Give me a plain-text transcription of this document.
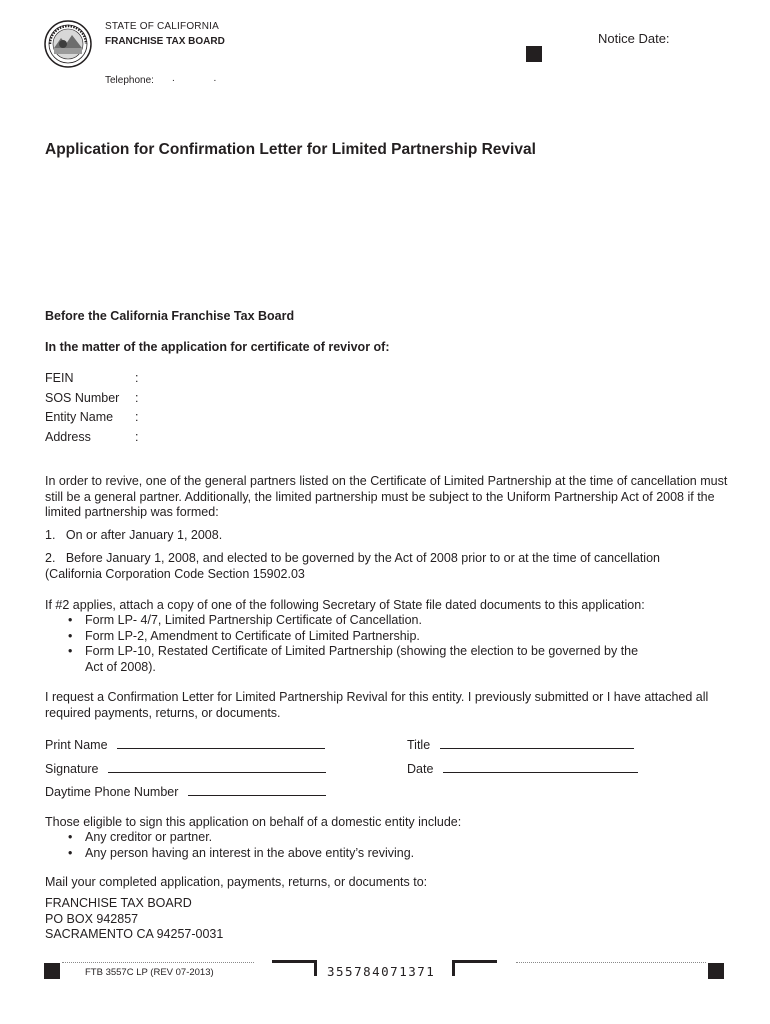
STATE OF CALIFORNIA
FRANCHISE TAX BOARD
Telephone: . .
Notice Date:
Application for Confirmation Letter for Limited Partnership Revival
Before the California Franchise Tax Board
In the matter of the application for certificate of revivor of:
FEIN	:
SOS Number :
Entity Name :
Address	:
In order to revive, one of the general partners listed on the Certificate of Limited Partnership at the time of cancellation must still be a general partner. Additionally, the limited partnership must be subject to the Uniform Partnership Act of 2008 if the limited partnership was formed:
1.   On or after January 1, 2008.
2.   Before January 1, 2008, and elected to be governed by the Act of 2008 prior to or at the time of cancellation (California Corporation Code Section 15902.03
If #2 applies, attach a copy of one of the following Secretary of State file dated documents to this application:
• Form LP- 4/7, Limited Partnership Certificate of Cancellation.
• Form LP-2, Amendment to Certificate of Limited Partnership.
• Form LP-10, Restated Certificate of Limited Partnership (showing the election to be governed by the Act of 2008).
I request a Confirmation Letter for Limited Partnership Revival for this entity. I previously submitted or I have attached all required payments, returns, or documents.
Print Name	Title
Signature	Date
Daytime Phone Number
Those eligible to sign this application on behalf of a domestic entity include:
• Any creditor or partner.
• Any person having an interest in the above entity’s reviving.
Mail your completed application, payments, returns, or documents to:
FRANCHISE TAX BOARD
PO BOX 942857
SACRAMENTO CA 94257-0031
FTB 3557C LP (REV 07-2013)	355784071371
